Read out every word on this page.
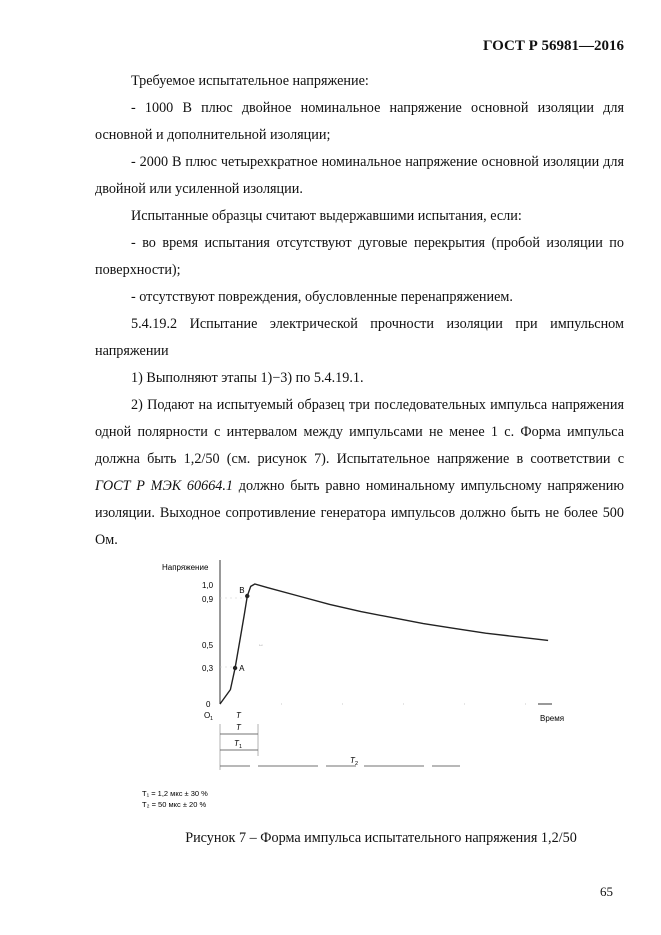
ГОСТ Р 56981—2016

Требуемое испытательное напряжение:

- 1000 В плюс двойное номинальное напряжение основной изоляции для основной и дополнительной изоляции;

- 2000 В плюс четырехкратное номинальное напряжение основной изоляции для двойной или усиленной изоляции.

Испытанные образцы считают выдержавшими испытания, если:

- во время испытания отсутствуют дуговые перекрытия (пробой изоляции по поверхности);

- отсутствуют повреждения, обусловленные перенапряжением.

5.4.19.2 Испытание электрической прочности изоляции при импульсном напряжении

1) Выполняют этапы 1)−3) по 5.4.19.1.

2) Подают на испытуемый образец три последовательных импульса напряжения одной полярности с интервалом между импульсами не менее 1 с. Форма импульса должна быть 1,2/50 (см. рисунок 7). Испытательное напряжение в соответствии с ГОСТ Р МЭК 60664.1 должно быть равно номинальному импульсному напряжению изоляции. Выходное сопротивление генератора импульсов должно быть не более 500 Ом.

Напряжение
Время
1,0
0,9
0,5
0,3
0
↔
A
B
O 1	T
T
T 1
T 2
T₁ = 1,2 мкс ± 30 %
T₂ = 50 мкс ± 20 %
Рисунок 7 – Форма импульса испытательного напряжения 1,2/50
65
